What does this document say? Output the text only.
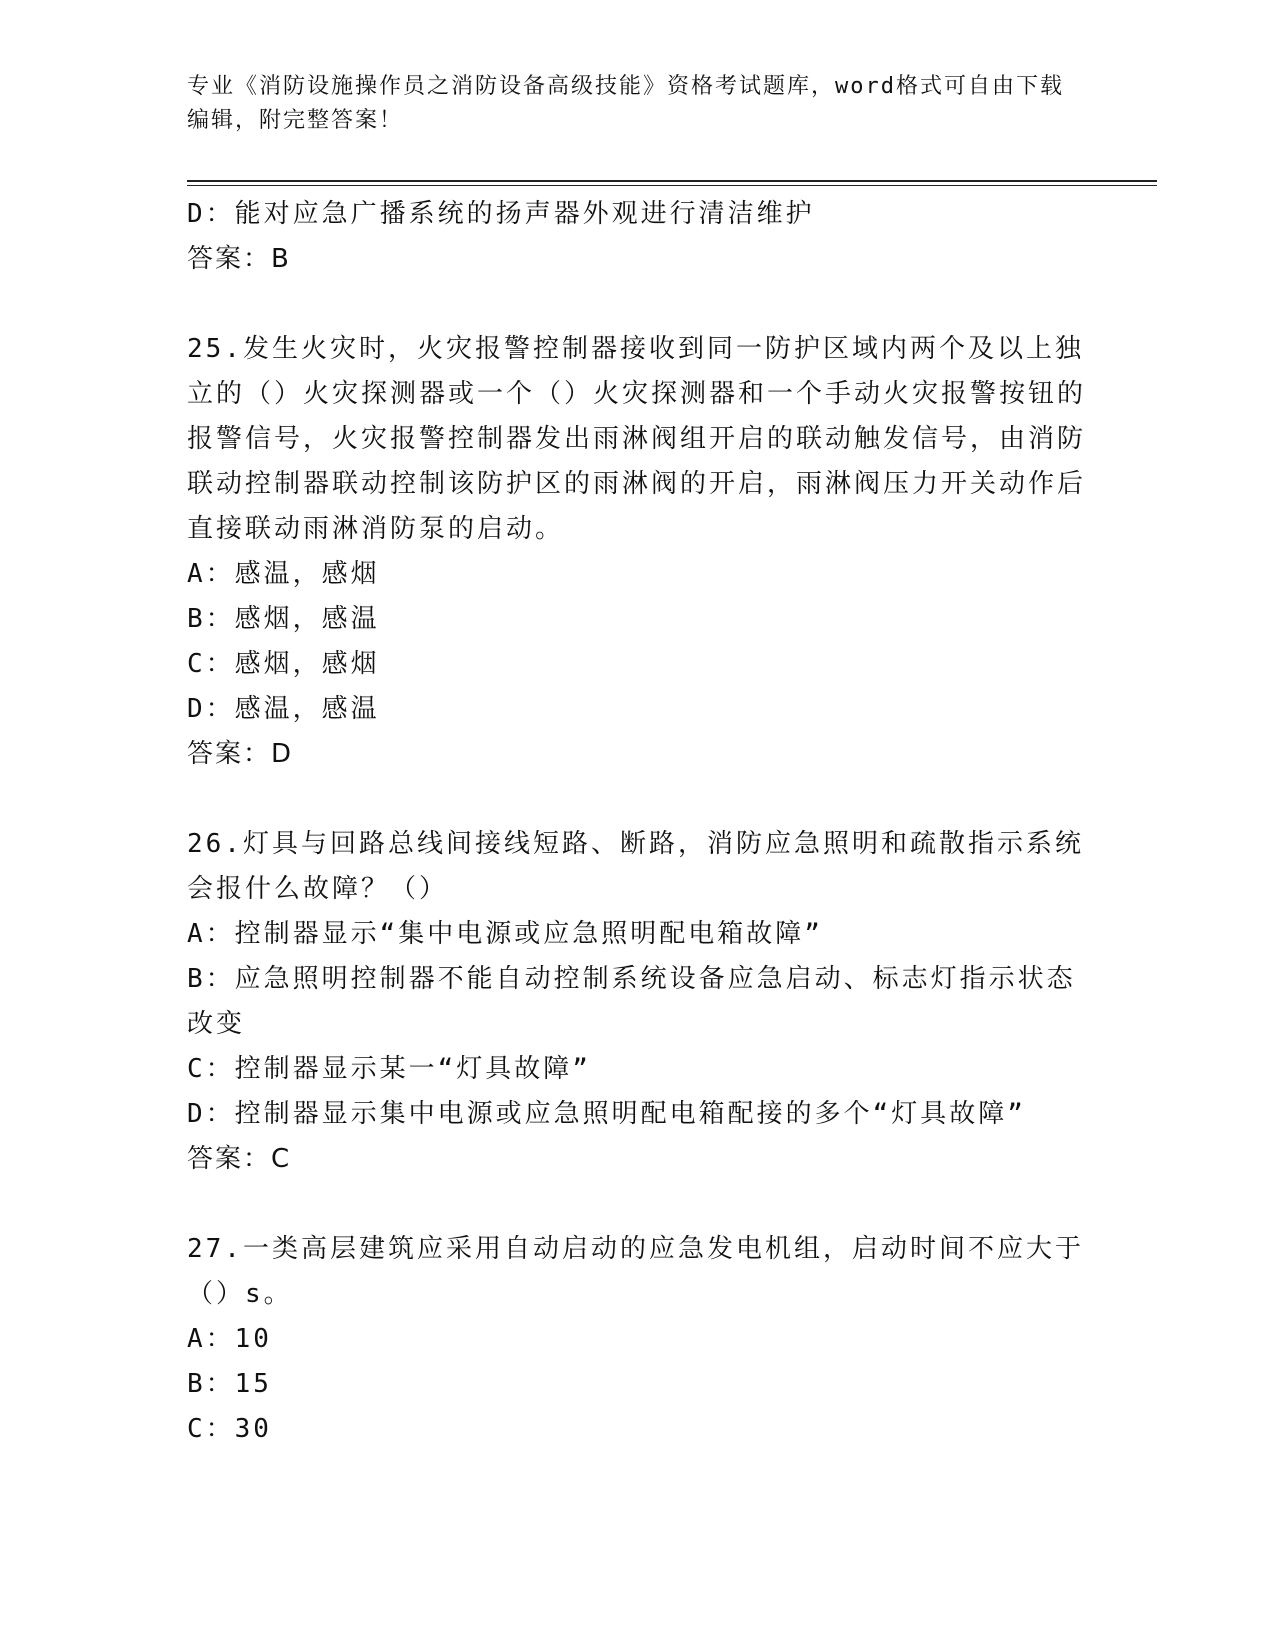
专业《消防设施操作员之消防设备高级技能》资格考试题库，word格式可自由下载编辑，附完整答案！
D：能对应急广播系统的扬声器外观进行清洁维护
答案：B
25.发生火灾时，火灾报警控制器接收到同一防护区域内两个及以上独立的（）火灾探测器或一个（）火灾探测器和一个手动火灾报警按钮的报警信号，火灾报警控制器发出雨淋阀组开启的联动触发信号，由消防联动控制器联动控制该防护区的雨淋阀的开启，雨淋阀压力开关动作后直接联动雨淋消防泵的启动。
A：感温，感烟
B：感烟，感温
C：感烟，感烟
D：感温，感温
答案：D
26.灯具与回路总线间接线短路、断路，消防应急照明和疏散指示系统会报什么故障？（）
A：控制器显示“集中电源或应急照明配电箱故障”
B：应急照明控制器不能自动控制系统设备应急启动、标志灯指示状态改变
C：控制器显示某一“灯具故障”
D：控制器显示集中电源或应急照明配电箱配接的多个“灯具故障”
答案：C
27.一类高层建筑应采用自动启动的应急发电机组，启动时间不应大于（）s。
A：10
B：15
C：30
